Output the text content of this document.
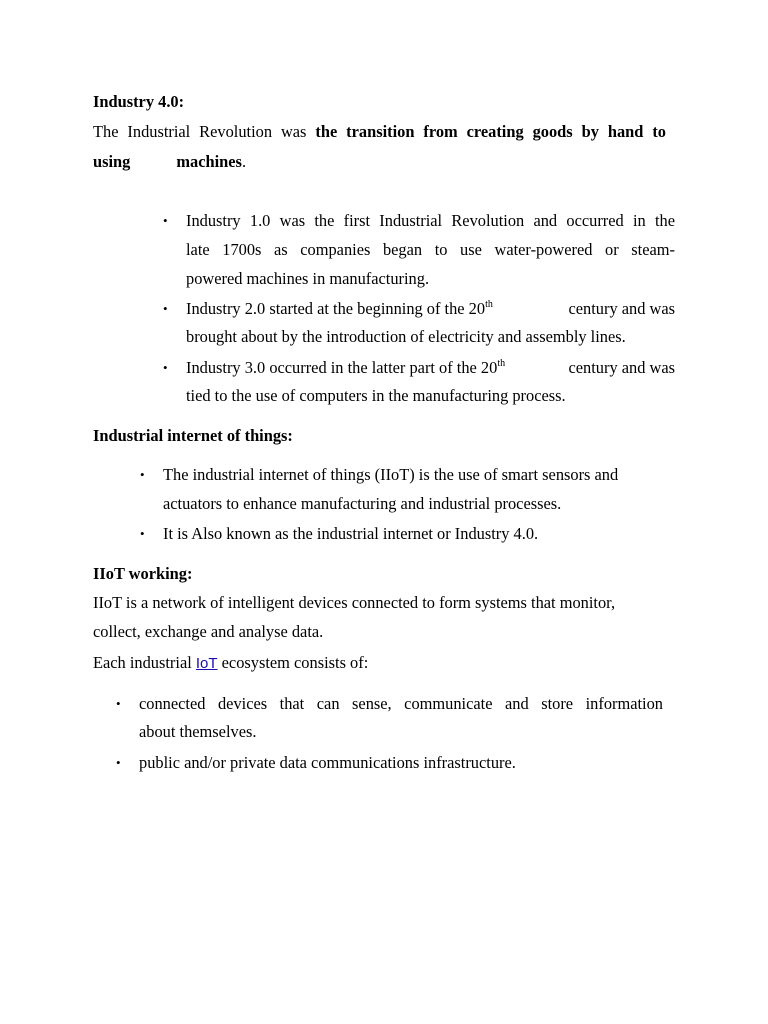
Industry 4.0:
The Industrial Revolution was the transition from creating goods by hand to
using	machines.
• Industry 1.0 was the first Industrial Revolution and occurred in the
late 1700s as companies began to use water-powered or steam-
powered machines in manufacturing.
• Industry 2.0 started at the beginning of the 20th	century and was
brought about by the introduction of electricity and assembly lines.
• Industry 3.0 occurred in the latter part of the 20th	century and was
tied to the use of computers in the manufacturing process.
Industrial internet of things:
• The industrial internet of things (IIoT) is the use of smart sensors and
actuators to enhance manufacturing and industrial processes.
• It is Also known as the industrial internet or Industry 4.0.
IIoT working:
IIoT is a network of intelligent devices connected to form systems that monitor,
collect, exchange and analyse data.
Each industrial IoT ecosystem consists of:
• connected devices that can sense, communicate and store information
about themselves.
• public and/or private data communications infrastructure.
